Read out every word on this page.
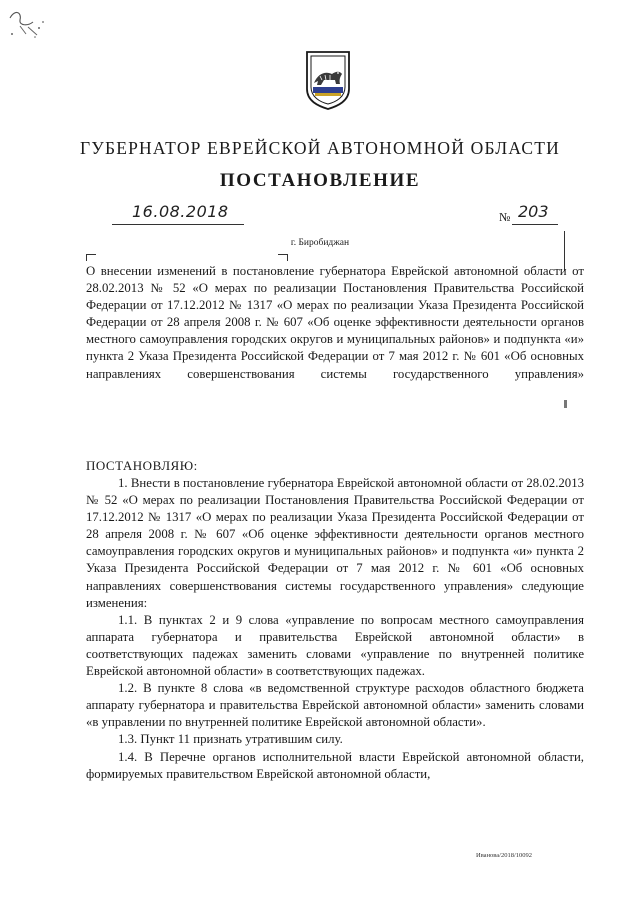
ГУБЕРНАТОР ЕВРЕЙСКОЙ АВТОНОМНОЙ ОБЛАСТИ
ПОСТАНОВЛЕНИЕ
16.08.2018	№ 203
г. Биробиджан
О внесении изменений в постановление губернатора Еврейской автономной области от 28.02.2013 № 52 «О мерах по реализации Постановления Правительства Российской Федерации от 17.12.2012 № 1317 «О мерах по реализации Указа Президента Российской Федерации от 28 апреля 2008 г. № 607 «Об оценке эффективности деятельности органов местного самоуправления городских округов и муниципальных районов» и подпункта «и» пункта 2 Указа Президента Российской Федерации от 7 мая 2012 г. № 601 «Об основных направлениях совершенствования системы государственного управления»
ПОСТАНОВЛЯЮ:

1. Внести в постановление губернатора Еврейской автономной области от 28.02.2013 № 52 «О мерах по реализации Постановления Правительства Российской Федерации от 17.12.2012 № 1317 «О мерах по реализации Указа Президента Российской Федерации от 28 апреля 2008 г. № 607 «Об оценке эффективности деятельности органов местного самоуправления городских округов и муниципальных районов» и подпункта «и» пункта 2 Указа Президента Российской Федерации от 7 мая 2012 г. № 601 «Об основных направлениях совершенствования системы государственного управления» следующие изменения:

1.1. В пунктах 2 и 9 слова «управление по вопросам местного самоуправления аппарата губернатора и правительства Еврейской автономной области» в соответствующих падежах заменить словами «управление по внутренней политике Еврейской автономной области» в соответствующих падежах.

1.2. В пункте 8 слова «в ведомственной структуре расходов областного бюджета аппарату губернатора и правительства Еврейской автономной области» заменить словами «в управлении по внутренней политике Еврейской автономной области».

1.3. Пункт 11 признать утратившим силу.

1.4. В Перечне органов исполнительной власти Еврейской автономной области, формируемых правительством Еврейской автономной области,

Иванова/2018/10092
